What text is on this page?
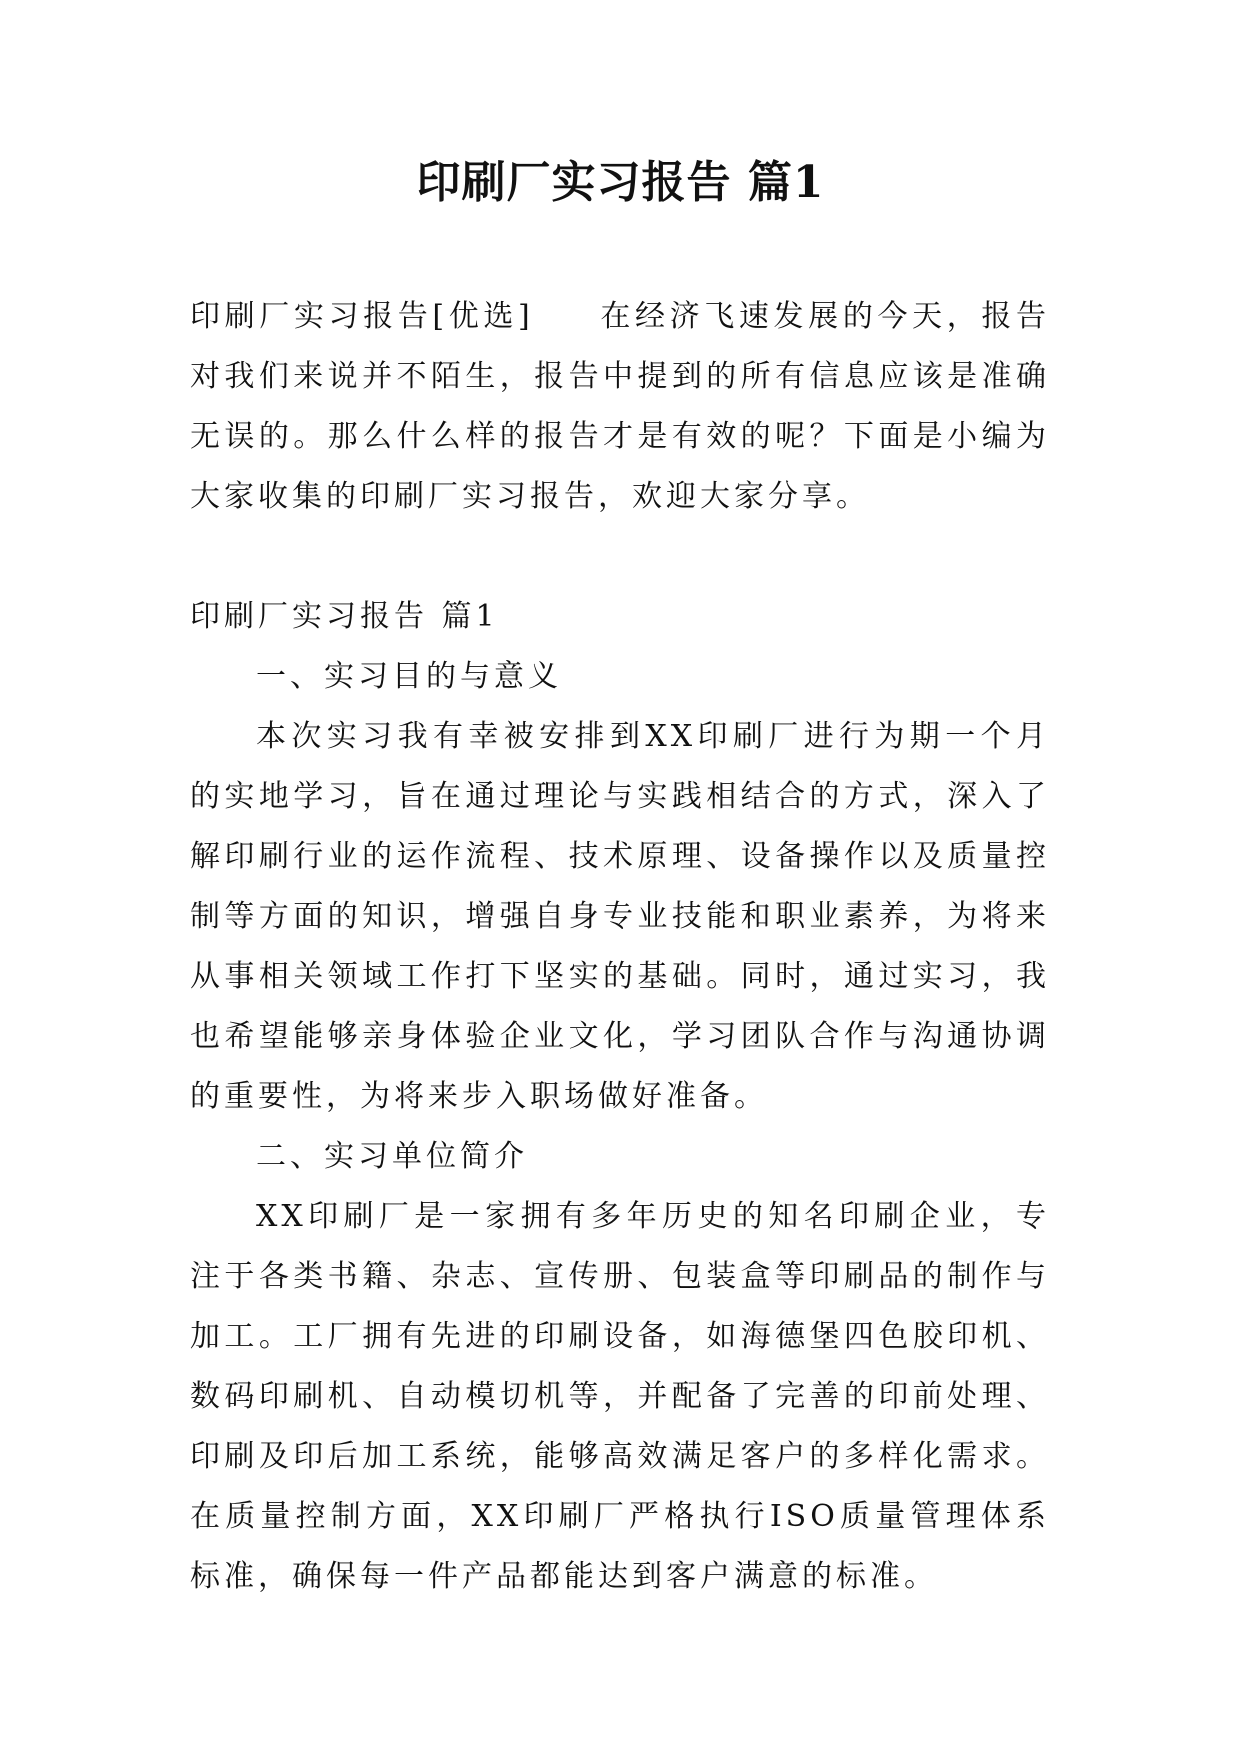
印刷厂实习报告 篇1

印刷厂实习报告[优选] 在经济飞速发展的今天，报告对我们来说并不陌生，报告中提到的所有信息应该是准确无误的。那么什么样的报告才是有效的呢？下面是小编为大家收集的印刷厂实习报告，欢迎大家分享。

印刷厂实习报告 篇1

一、实习目的与意义

本次实习我有幸被安排到XX印刷厂进行为期一个月的实地学习，旨在通过理论与实践相结合的方式，深入了解印刷行业的运作流程、技术原理、设备操作以及质量控制等方面的知识，增强自身专业技能和职业素养，为将来从事相关领域工作打下坚实的基础。同时，通过实习，我也希望能够亲身体验企业文化，学习团队合作与沟通协调的重要性，为将来步入职场做好准备。

二、实习单位简介

XX印刷厂是一家拥有多年历史的知名印刷企业，专注于各类书籍、杂志、宣传册、包装盒等印刷品的制作与加工。工厂拥有先进的印刷设备，如海德堡四色胶印机、数码印刷机、自动模切机等，并配备了完善的印前处理、印刷及印后加工系统，能够高效满足客户的多样化需求。在质量控制方面，XX印刷厂严格执行ISO质量管理体系标准，确保每一件产品都能达到客户满意的标准。
